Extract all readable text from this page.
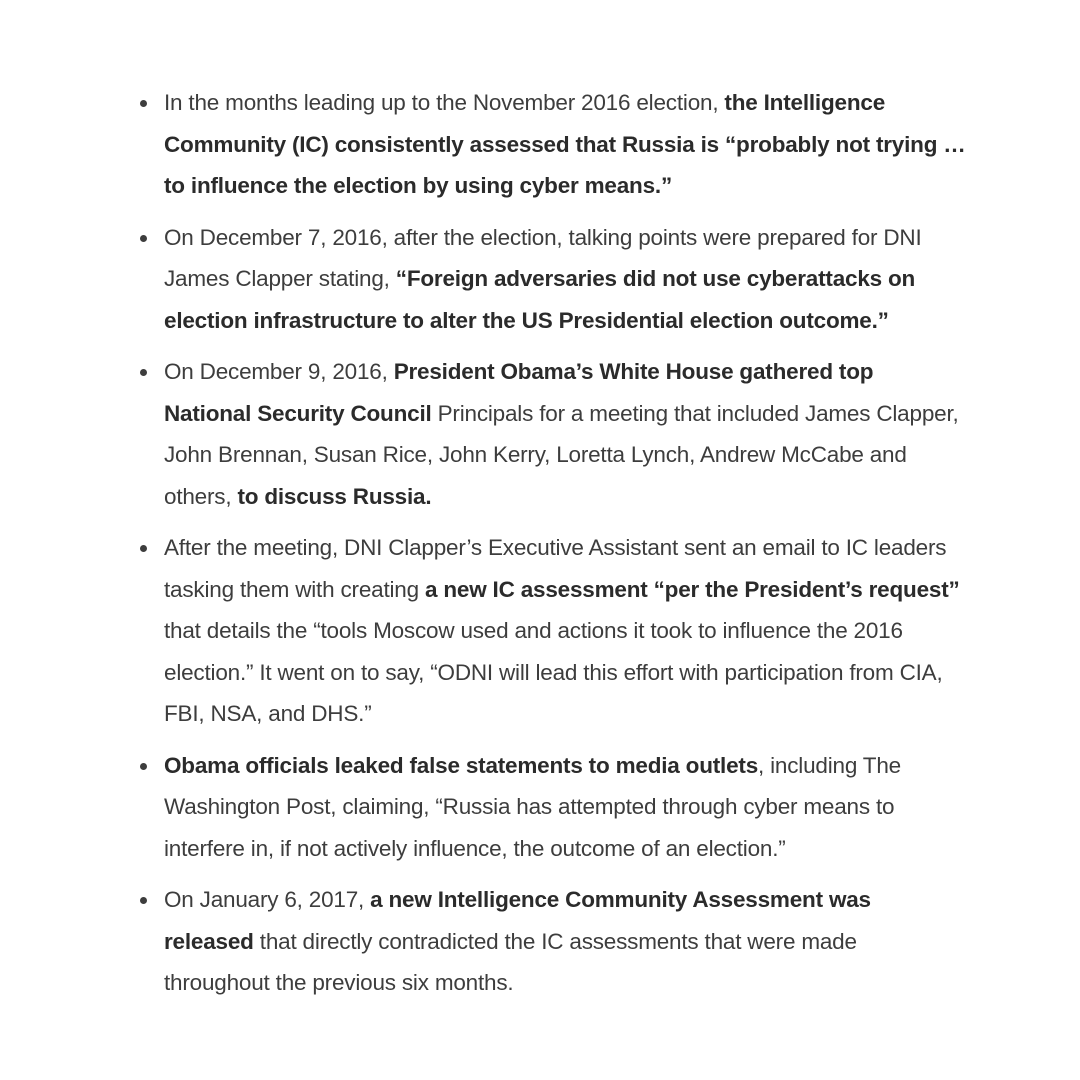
In the months leading up to the November 2016 election, the Intelligence Community (IC) consistently assessed that Russia is “probably not trying … to influence the election by using cyber means.”
On December 7, 2016, after the election, talking points were prepared for DNI James Clapper stating, “Foreign adversaries did not use cyberattacks on election infrastructure to alter the US Presidential election outcome.”
On December 9, 2016, President Obama’s White House gathered top National Security Council Principals for a meeting that included James Clapper, John Brennan, Susan Rice, John Kerry, Loretta Lynch, Andrew McCabe and others, to discuss Russia.
After the meeting, DNI Clapper’s Executive Assistant sent an email to IC leaders tasking them with creating a new IC assessment “per the President’s request” that details the “tools Moscow used and actions it took to influence the 2016 election.” It went on to say, “ODNI will lead this effort with participation from CIA, FBI, NSA, and DHS.”
Obama officials leaked false statements to media outlets, including The Washington Post, claiming, “Russia has attempted through cyber means to interfere in, if not actively influence, the outcome of an election.”
On January 6, 2017, a new Intelligence Community Assessment was released that directly contradicted the IC assessments that were made throughout the previous six months.
